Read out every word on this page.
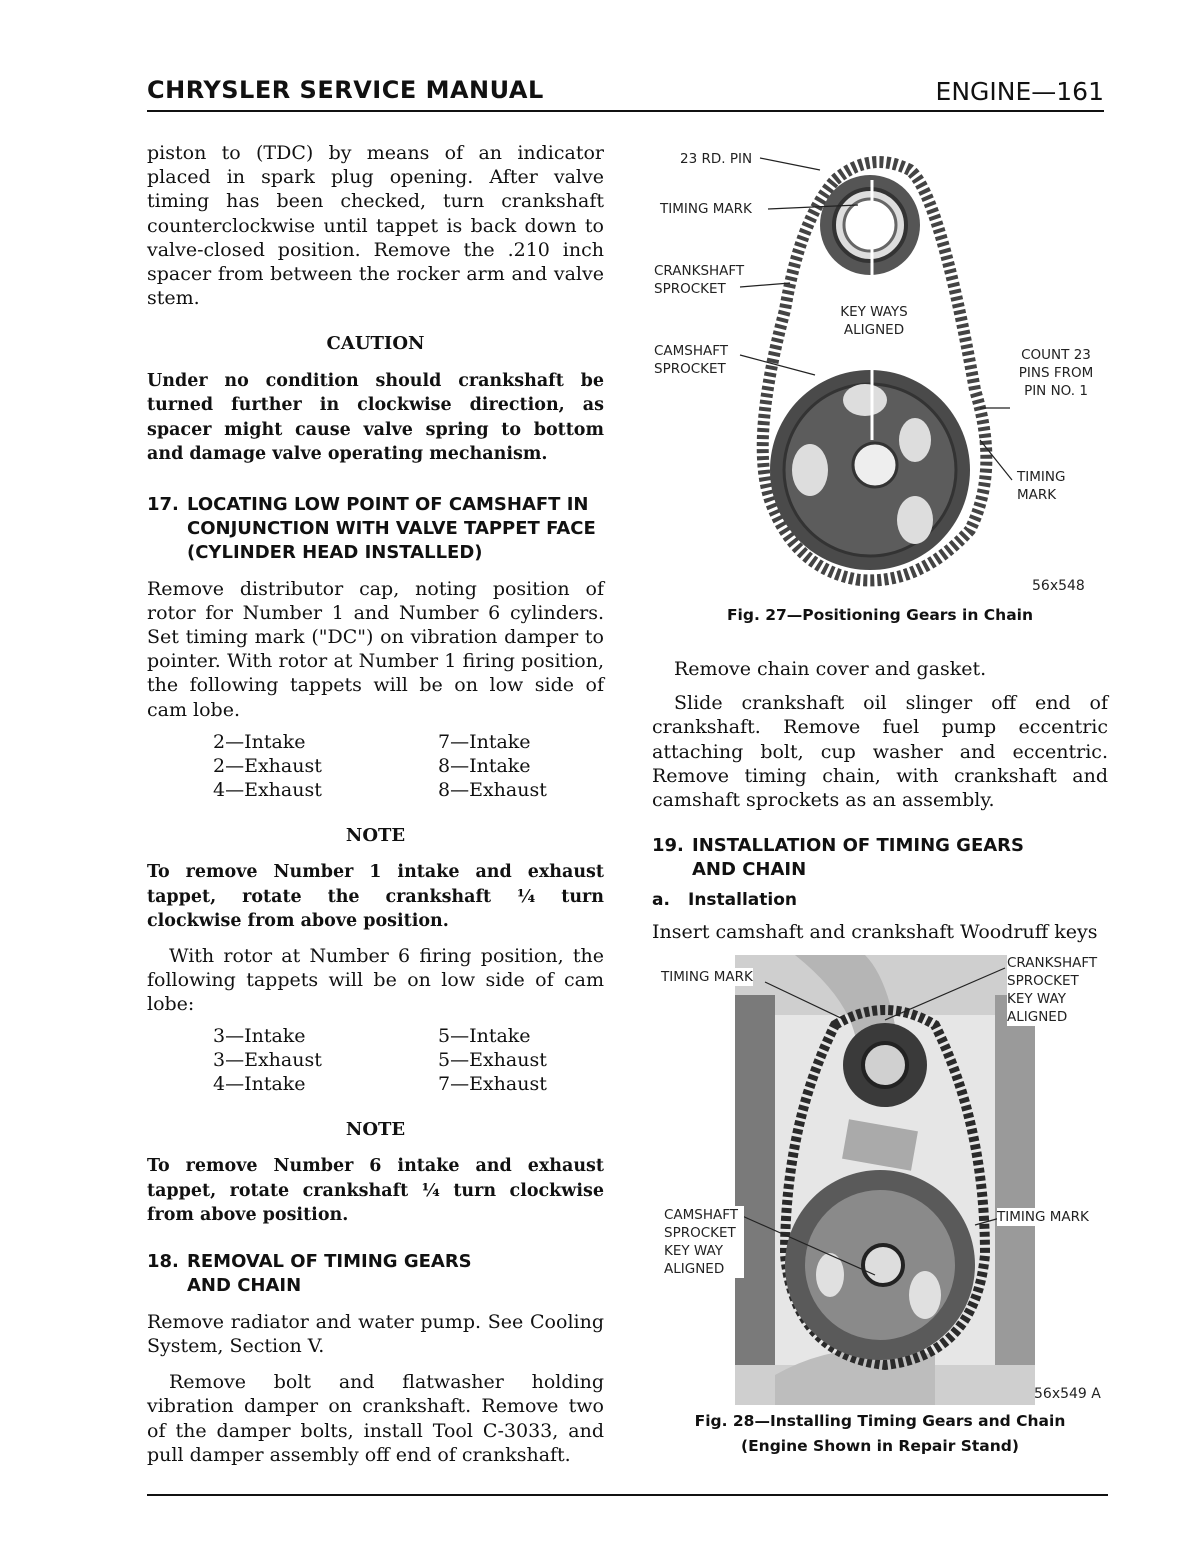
CHRYSLER SERVICE MANUAL	ENGINE—161

piston to (TDC) by means of an indicator placed in spark plug opening. After valve timing has been checked, turn crankshaft counterclockwise until tappet is back down to valve-closed position. Remove the .210 inch spacer from between the rocker arm and valve stem.

CAUTION

Under no condition should crankshaft be turned further in clockwise direction, as spacer might cause valve spring to bottom and damage valve operating mechanism.

17. LOCATING LOW POINT OF CAMSHAFT IN CONJUNCTION WITH VALVE TAPPET FACE (CYLINDER HEAD INSTALLED)

Remove distributor cap, noting position of rotor for Number 1 and Number 6 cylinders. Set timing mark ("DC") on vibration damper to pointer. With rotor at Number 1 firing position, the following tappets will be on low side of cam lobe.

2—Intake	7—Intake
2—Exhaust	8—Intake
4—Exhaust	8—Exhaust
NOTE

To remove Number 1 intake and exhaust tappet, rotate the crankshaft ¼ turn clockwise from above position.

With rotor at Number 6 firing position, the following tappets will be on low side of cam lobe:

3—Intake	5—Intake
3—Exhaust	5—Exhaust
4—Intake	7—Exhaust
NOTE

To remove Number 6 intake and exhaust tappet, rotate crankshaft ¼ turn clockwise from above position.

18. REMOVAL OF TIMING GEARS AND CHAIN

Remove radiator and water pump. See Cooling System, Section V.

Remove bolt and flatwasher holding vibration damper on crankshaft. Remove two of the damper bolts, install Tool C-3033, and pull damper assembly off end of crankshaft.

23 RD. PIN
TIMING MARK
CRANKSHAFT SPROCKET
KEY WAYS ALIGNED
CAMSHAFT SPROCKET
COUNT 23 PINS FROM PIN NO. 1
TIMING MARK
56x548
Fig. 27—Positioning Gears in Chain

Remove chain cover and gasket.

Slide crankshaft oil slinger off end of crankshaft. Remove fuel pump eccentric attaching bolt, cup washer and eccentric. Remove timing chain, with crankshaft and camshaft sprockets as an assembly.

19. INSTALLATION OF TIMING GEARS AND CHAIN
a.	Installation

Insert camshaft and crankshaft Woodruff keys

TIMING MARK
CRANKSHAFT SPROCKET KEY WAY ALIGNED
CAMSHAFT SPROCKET KEY WAY ALIGNED
TIMING MARK
56x549 A
Fig. 28—Installing Timing Gears and Chain
(Engine Shown in Repair Stand)
